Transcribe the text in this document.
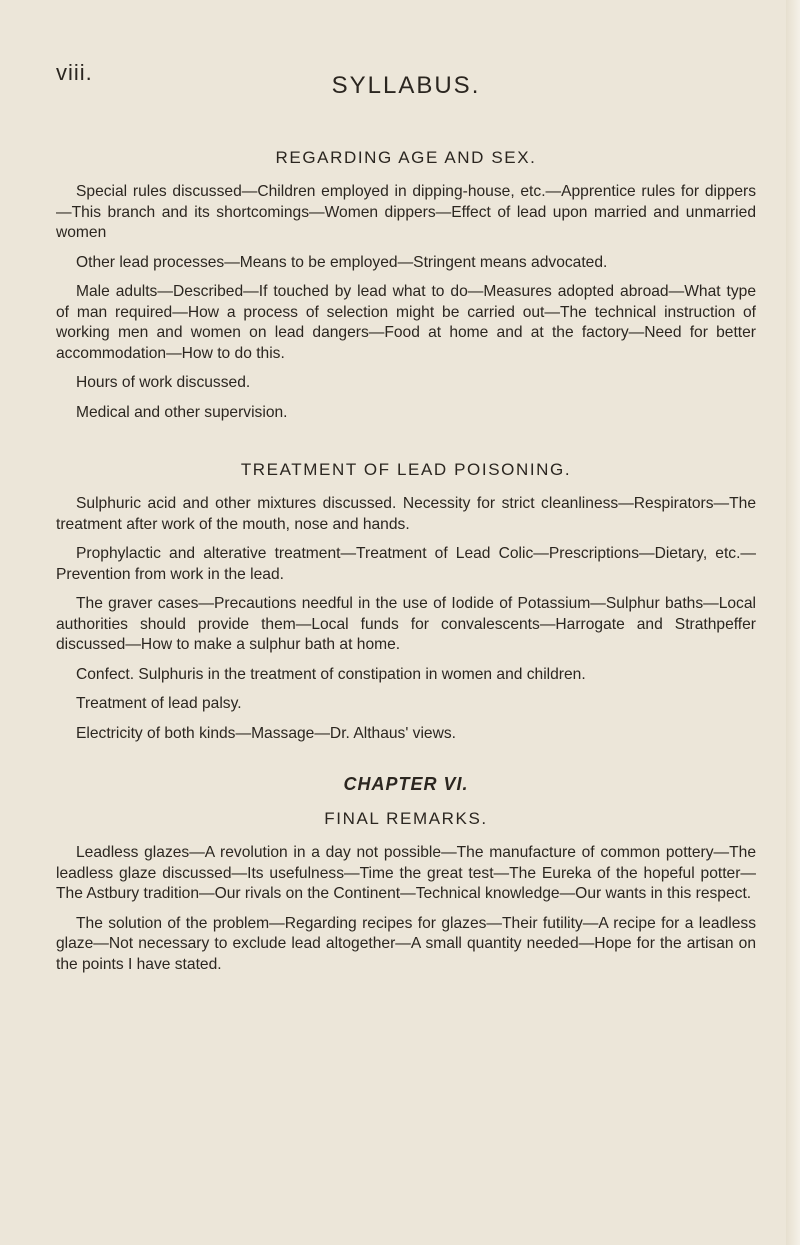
viii.	SYLLABUS.
REGARDING AGE AND SEX.

Special rules discussed—Children employed in dipping-house, etc.—Apprentice rules for dippers—This branch and its shortcomings—Women dippers—Effect of lead upon married and unmarried women

Other lead processes—Means to be employed—Stringent means advocated.

Male adults—Described—If touched by lead what to do—Measures adopted abroad—What type of man required—How a process of selection might be carried out—The technical instruction of working men and women on lead dangers—Food at home and at the factory—Need for better accommodation—How to do this.

Hours of work discussed.

Medical and other supervision.

TREATMENT OF LEAD POISONING.

Sulphuric acid and other mixtures discussed. Necessity for strict cleanliness—Respirators—The treatment after work of the mouth, nose and hands.

Prophylactic and alterative treatment—Treatment of Lead Colic—Prescriptions—Dietary, etc.—Prevention from work in the lead.

The graver cases—Precautions needful in the use of Iodide of Potassium—Sulphur baths—Local authorities should provide them—Local funds for convalescents—Harrogate and Strathpeffer discussed—How to make a sulphur bath at home.

Confect. Sulphuris in the treatment of constipation in women and children.

Treatment of lead palsy.

Electricity of both kinds—Massage—Dr. Althaus' views.

CHAPTER VI.
FINAL REMARKS.

Leadless glazes—A revolution in a day not possible—The manufacture of common pottery—The leadless glaze discussed—Its usefulness—Time the great test—The Eureka of the hopeful potter—The Astbury tradition—Our rivals on the Continent—Technical knowledge—Our wants in this respect.

The solution of the problem—Regarding recipes for glazes—Their futility—A recipe for a leadless glaze—Not necessary to exclude lead altogether—A small quantity needed—Hope for the artisan on the points I have stated.
